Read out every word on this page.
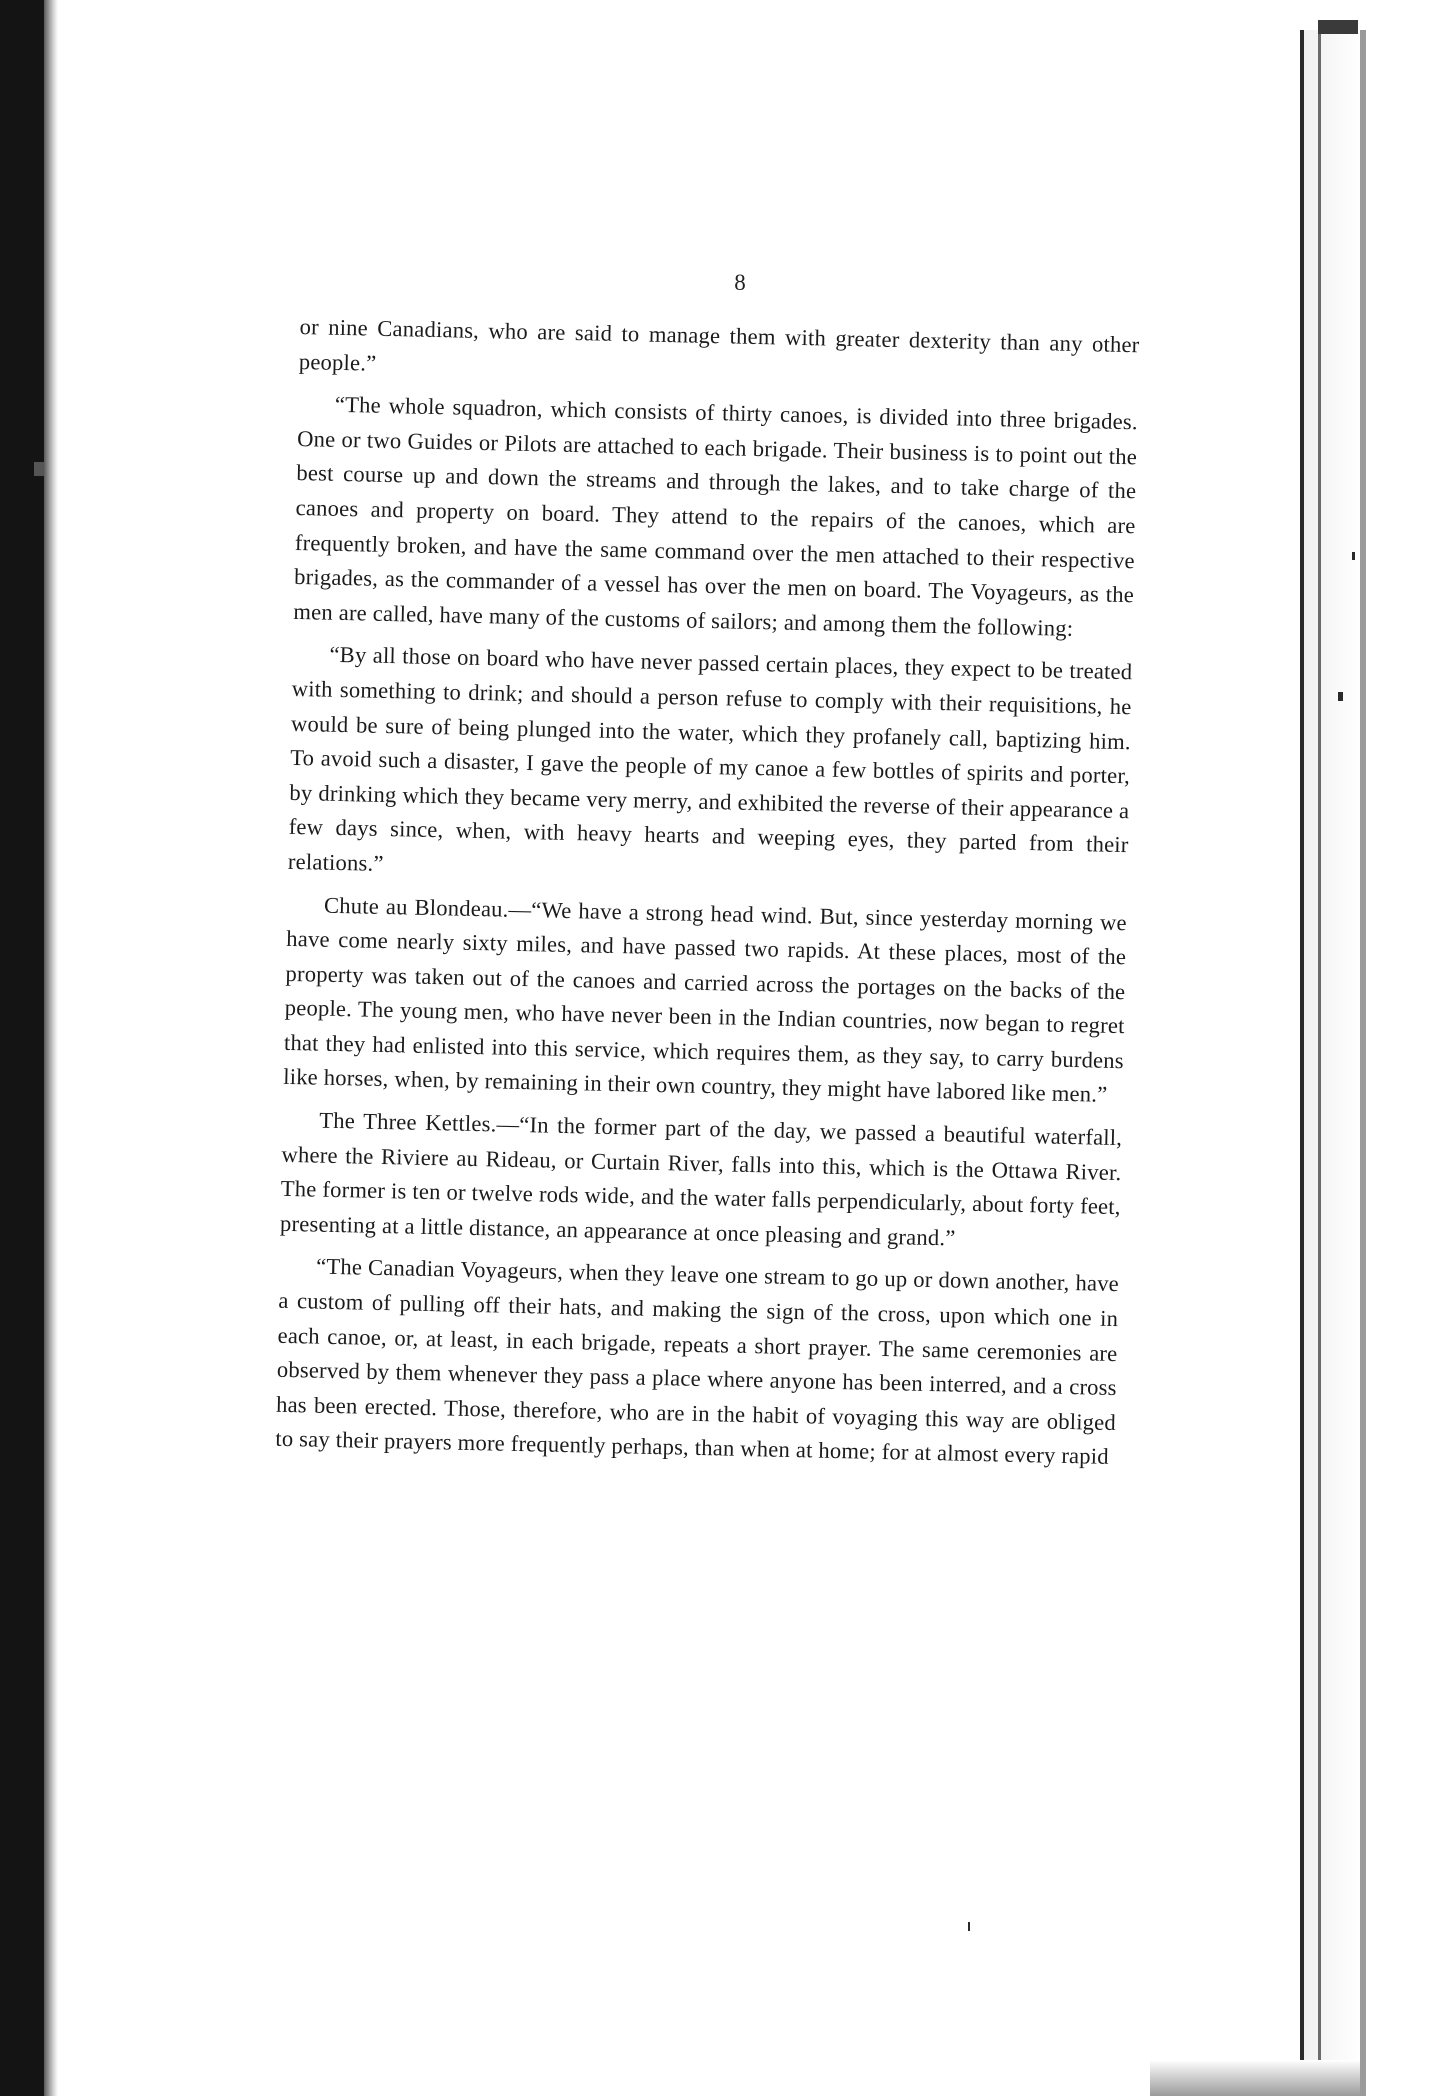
8

or nine Canadians, who are said to manage them with greater dexterity than any other people.”

“The whole squadron, which consists of thirty canoes, is divided into three brigades. One or two Guides or Pilots are attached to each brigade. Their business is to point out the best course up and down the streams and through the lakes, and to take charge of the canoes and property on board. They attend to the repairs of the canoes, which are frequently broken, and have the same command over the men attached to their respective brigades, as the commander of a vessel has over the men on board. The Voyageurs, as the men are called, have many of the customs of sailors; and among them the following:

“By all those on board who have never passed certain places, they expect to be treated with something to drink; and should a person refuse to comply with their requisitions, he would be sure of being plunged into the water, which they profanely call, baptizing him. To avoid such a disaster, I gave the people of my canoe a few bottles of spirits and porter, by drinking which they became very merry, and exhibited the reverse of their appearance a few days since, when, with heavy hearts and weeping eyes, they parted from their relations.”

Chute au Blondeau.—“We have a strong head wind. But, since yesterday morning we have come nearly sixty miles, and have passed two rapids. At these places, most of the property was taken out of the canoes and carried across the portages on the backs of the people. The young men, who have never been in the Indian countries, now began to regret that they had enlisted into this service, which requires them, as they say, to carry burdens like horses, when, by remaining in their own country, they might have labored like men.”

The Three Kettles.—“In the former part of the day, we passed a beautiful waterfall, where the Riviere au Rideau, or Curtain River, falls into this, which is the Ottawa River. The former is ten or twelve rods wide, and the water falls perpendicularly, about forty feet, presenting at a little distance, an appearance at once pleasing and grand.”

“The Canadian Voyageurs, when they leave one stream to go up or down another, have a custom of pulling off their hats, and making the sign of the cross, upon which one in each canoe, or, at least, in each brigade, repeats a short prayer. The same ceremonies are observed by them whenever they pass a place where anyone has been interred, and a cross has been erected. Those, therefore, who are in the habit of voyaging this way are obliged to say their prayers more frequently perhaps, than when at home; for at almost every rapid
